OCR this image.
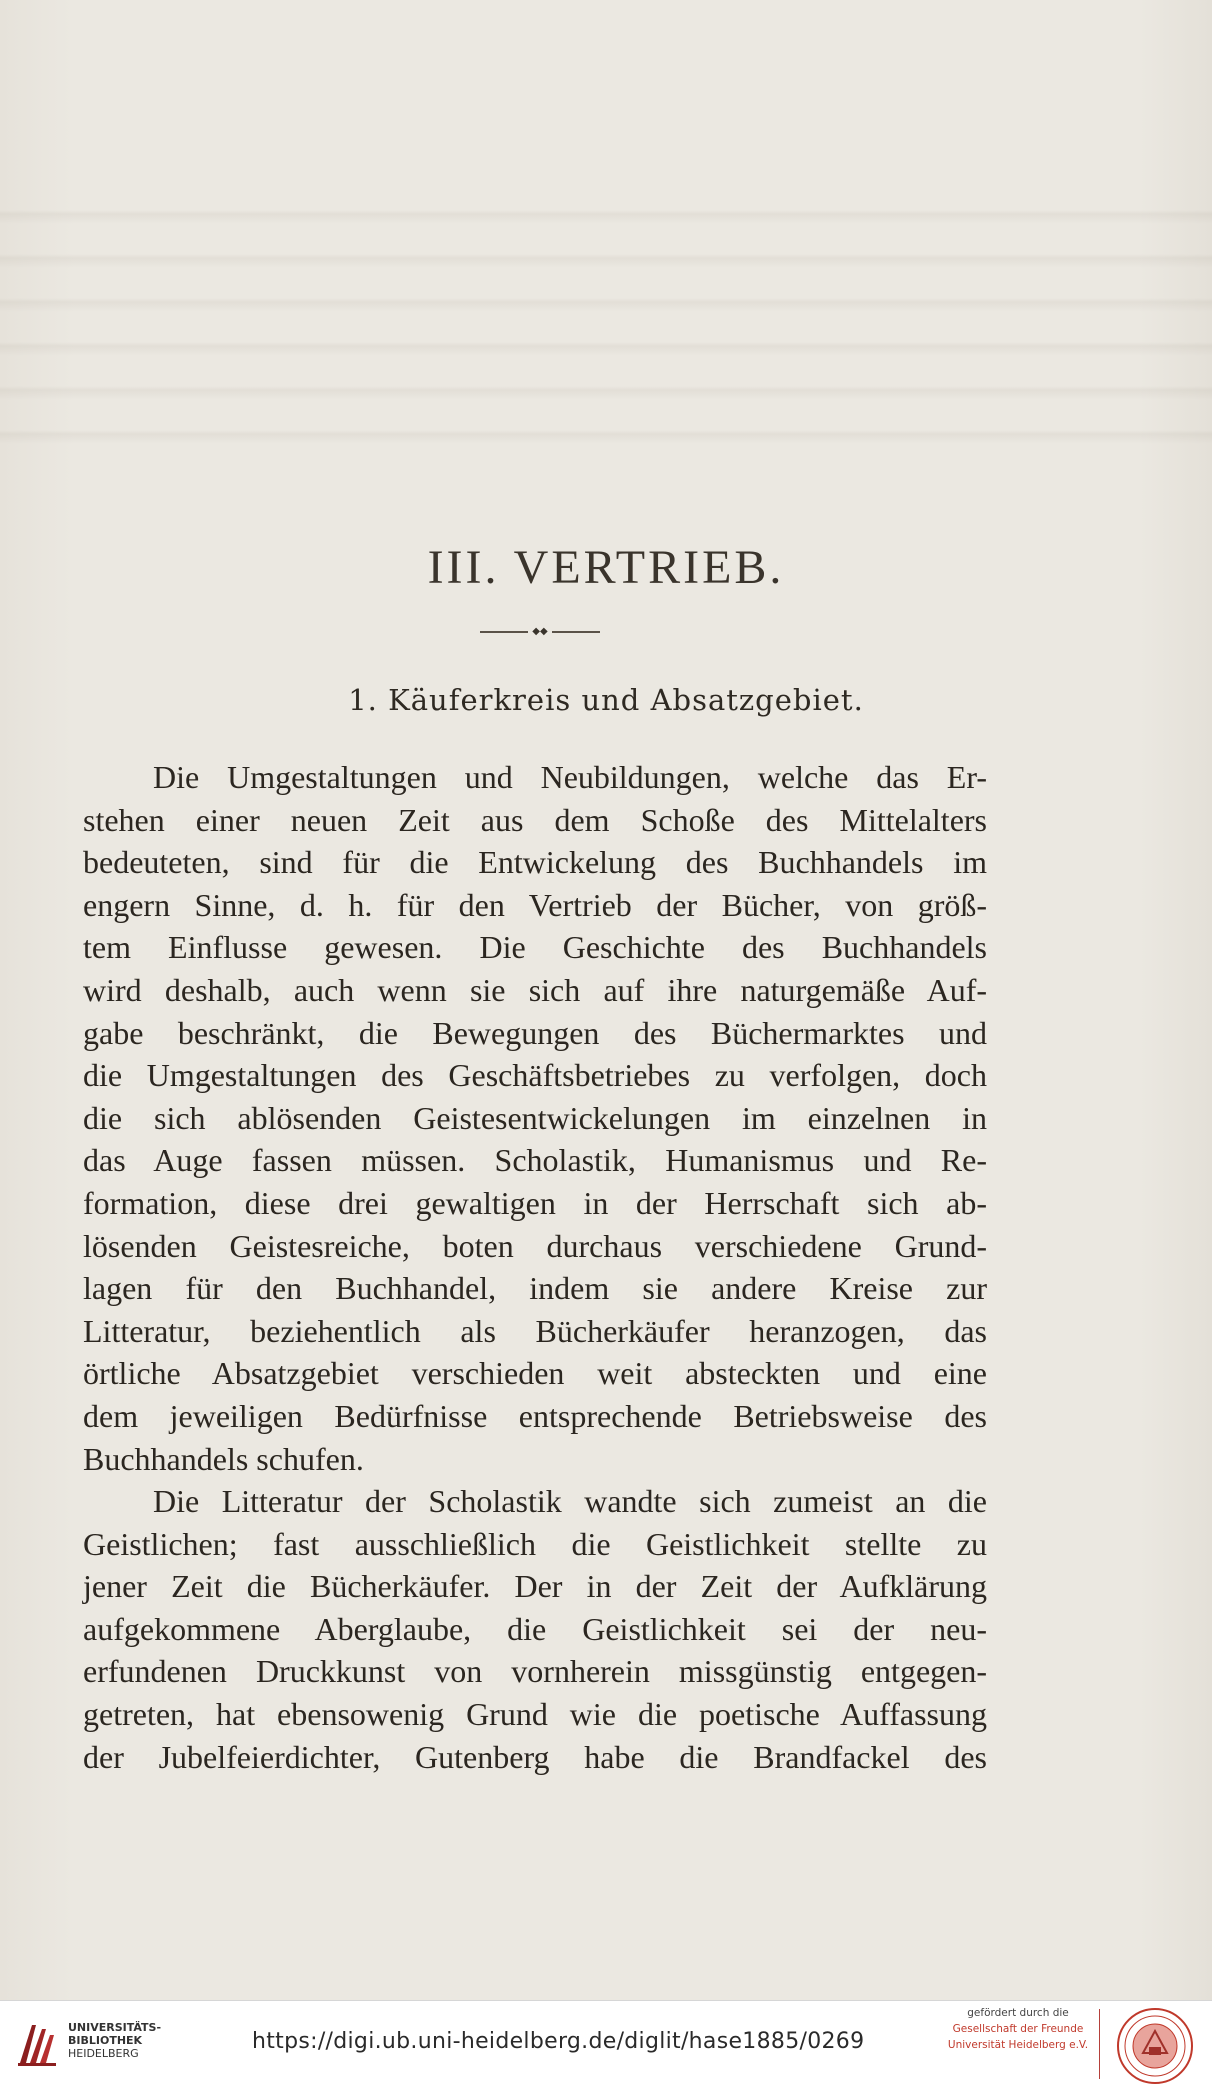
III. VERTRIEB.
◆◆
1. Käuferkreis und Absatzgebiet.
Die Umgestaltungen und Neubildungen, welche das Er-
stehen einer neuen Zeit aus dem Schoße des Mittelalters
bedeuteten, sind für die Entwickelung des Buchhandels im
engern Sinne, d. h. für den Vertrieb der Bücher, von größ-
tem Einflusse gewesen. Die Geschichte des Buchhandels
wird deshalb, auch wenn sie sich auf ihre naturgemäße Auf-
gabe beschränkt, die Bewegungen des Büchermarktes und
die Umgestaltungen des Geschäftsbetriebes zu verfolgen, doch
die sich ablösenden Geistesentwickelungen im einzelnen in
das Auge fassen müssen. Scholastik, Humanismus und Re-
formation, diese drei gewaltigen in der Herrschaft sich ab-
lösenden Geistesreiche, boten durchaus verschiedene Grund-
lagen für den Buchhandel, indem sie andere Kreise zur
Litteratur, beziehentlich als Bücherkäufer heranzogen, das
örtliche Absatzgebiet verschieden weit absteckten und eine
dem jeweiligen Bedürfnisse entsprechende Betriebsweise des
Buchhandels schufen.
Die Litteratur der Scholastik wandte sich zumeist an die
Geistlichen; fast ausschließlich die Geistlichkeit stellte zu
jener Zeit die Bücherkäufer. Der in der Zeit der Aufklärung
aufgekommene Aberglaube, die Geistlichkeit sei der neu-
erfundenen Druckkunst von vornherein missgünstig entgegen-
getreten, hat ebensowenig Grund wie die poetische Auffassung
der Jubelfeierdichter, Gutenberg habe die Brandfackel des
UNIVERSITÄTS-
BIBLIOTHEK
HEIDELBERG	https://digi.ub.uni-heidelberg.de/diglit/hase1885/0269
gefördert durch die
Gesellschaft der Freunde
Universität Heidelberg e.V.
